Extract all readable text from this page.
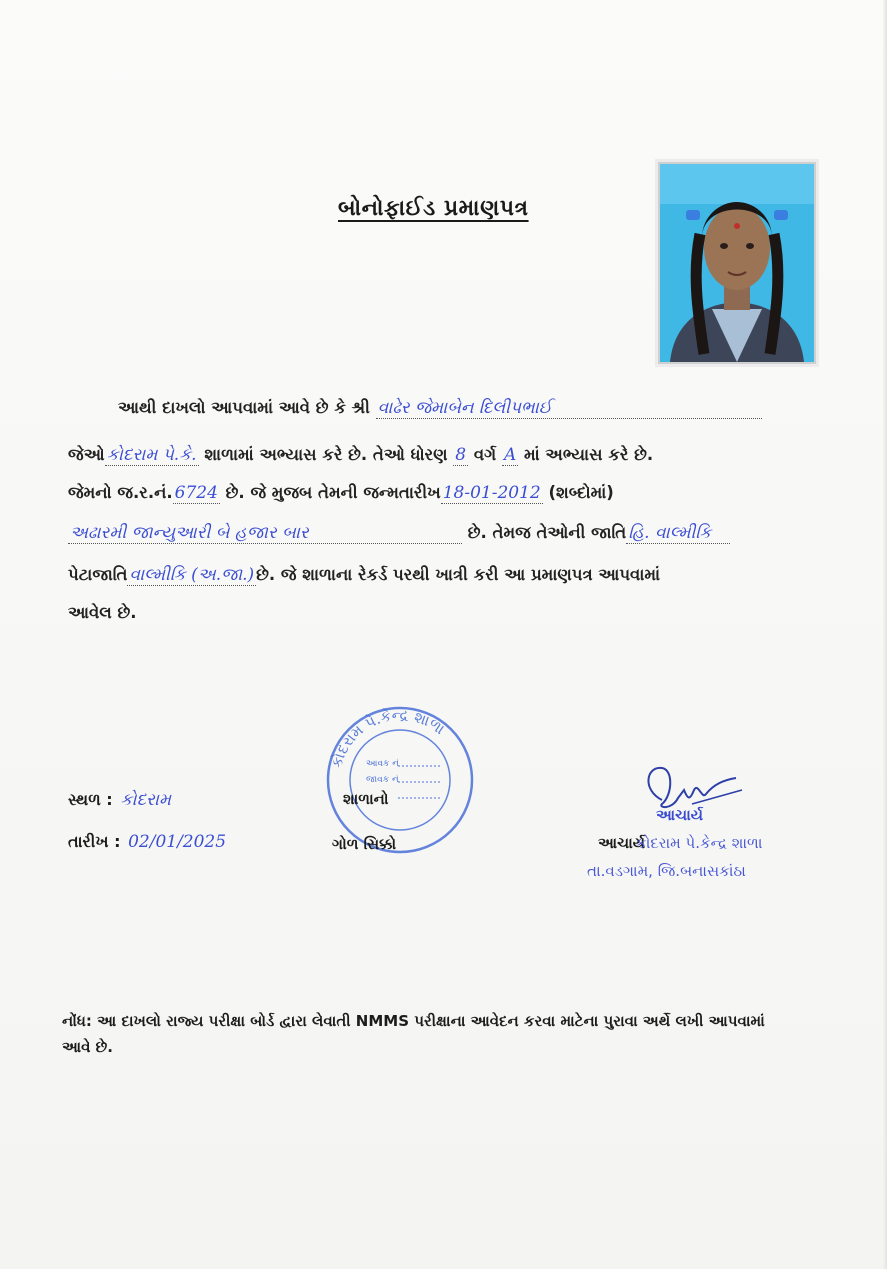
બોનોફાઈડ પ્રમાણપત્ર
આથી દાખલો આપવામાં આવે છે કે શ્રી વાઢેર જેમાબેન દિલીપભાઈ
જેઓ કોદરામ પે.કે. શાળામાં અભ્યાસ કરે છે. તેઓ ધોરણ 8 વર્ગ A માં અભ્યાસ કરે છે.
જેમનો જ.ર.નં. 6724 છે. જે મુજબ તેમની જન્મતારીખ 18-01-2012 (શબ્દોમાં)
અઢારમી જાન્યુઆરી બે હજાર બાર	છે. તેમજ તેઓની જાતિ હિ. વાલ્મીકિ
પેટાજાતિ વાલ્મીકિ (અ.જા.) છે. જે શાળાના રેકર્ડ પરથી ખાત્રી કરી આ પ્રમાણપત્ર આપવામાં
આવેલ છે.
કોદરામ પે.કેન્દ્ર શાળા
આવક નં
જાવક નં
સ્થળ : કોદરામ
તારીખ : 02/01/2025
શાળાનો
ગોળ સિક્કો
આચાર્ય
આચાર્ય
કોદરામ પે.કેન્દ્ર શાળા
તા.વડગામ, જિ.બનાસકાંઠા
નોંધ: આ દાખલો રાજ્ય પરીક્ષા બોર્ડ દ્વારા લેવાતી NMMS પરીક્ષાના આવેદન કરવા માટેના પુરાવા અર્થે લખી આપવામાં આવે છે.
